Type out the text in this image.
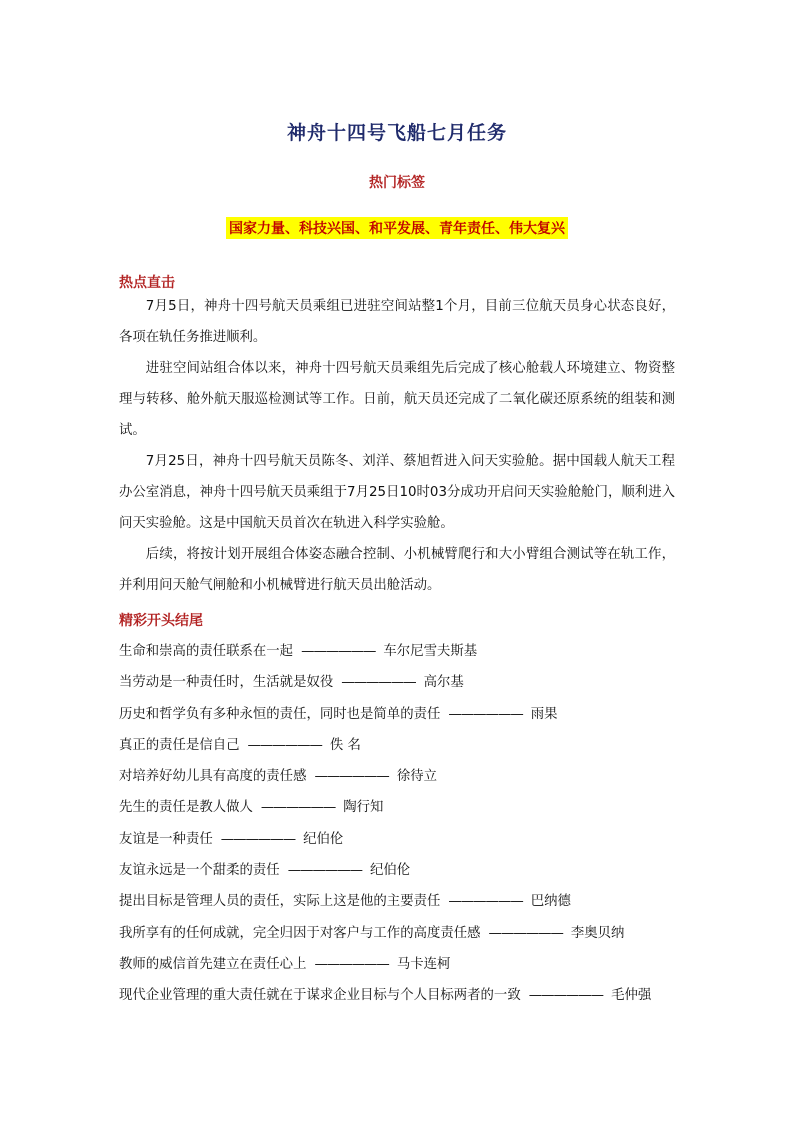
神舟十四号飞船七月任务
热门标签
国家力量、科技兴国、和平发展、青年责任、伟大复兴
热点直击

7月5日，神舟十四号航天员乘组已进驻空间站整1个月，目前三位航天员身心状态良好，各项在轨任务推进顺利。

进驻空间站组合体以来，神舟十四号航天员乘组先后完成了核心舱载人环境建立、物资整理与转移、舱外航天服巡检测试等工作。日前，航天员还完成了二氧化碳还原系统的组装和测试。

7月25日，神舟十四号航天员陈冬、刘洋、蔡旭哲进入问天实验舱。据中国载人航天工程办公室消息，神舟十四号航天员乘组于7月25日10时03分成功开启问天实验舱舱门，顺利进入问天实验舱。这是中国航天员首次在轨进入科学实验舱。

后续，将按计划开展组合体姿态融合控制、小机械臂爬行和大小臂组合测试等在轨工作，并利用问天舱气闸舱和小机械臂进行航天员出舱活动。

精彩开头结尾
生命和崇高的责任联系在一起 —————— 车尔尼雪夫斯基
当劳动是一种责任时，生活就是奴役 —————— 高尔基
历史和哲学负有多种永恒的责任，同时也是简单的责任 —————— 雨果
真正的责任是信自己 —————— 佚 名
对培养好幼儿具有高度的责任感 —————— 徐待立
先生的责任是教人做人 —————— 陶行知
友谊是一种责任 —————— 纪伯伦
友谊永远是一个甜柔的责任 —————— 纪伯伦
提出目标是管理人员的责任，实际上这是他的主要责任 —————— 巴纳德
我所享有的任何成就，完全归因于对客户与工作的高度责任感 —————— 李奥贝纳
教师的威信首先建立在责任心上 —————— 马卡连柯
现代企业管理的重大责任就在于谋求企业目标与个人目标两者的一致 —————— 毛仲强
